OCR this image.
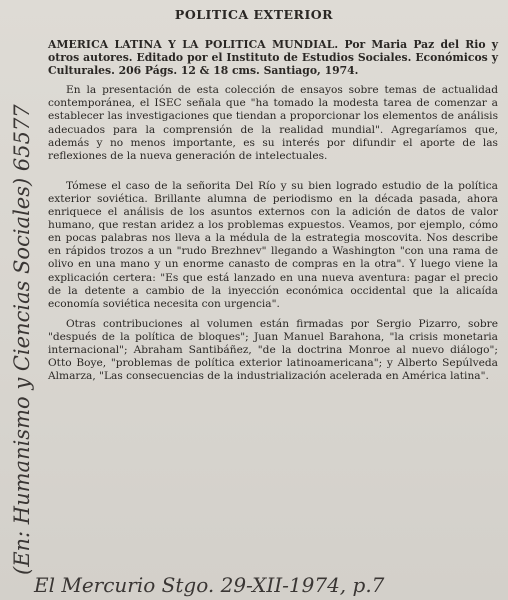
POLITICA EXTERIOR
AMERICA LATINA Y LA POLITICA MUNDIAL. Por Maria Paz del Rio y otros autores. Editado por el Instituto de Estudios Sociales. Económicos y Culturales. 206 Págs. 12 & 18 cms. Santiago, 1974.

En la presentación de esta colección de ensayos sobre temas de actualidad contemporánea, el ISEC señala que "ha tomado la modesta tarea de comenzar a establecer las investigaciones que tiendan a proporcionar los elementos de análisis adecuados para la comprensión de la realidad mundial". Agregaríamos que, además y no menos importante, es su interés por difundir el aporte de las reflexiones de la nueva generación de intelectuales.

Tómese el caso de la señorita Del Río y su bien logrado estudio de la política exterior soviética. Brillante alumna de periodismo en la década pasada, ahora enriquece el análisis de los asuntos externos con la adición de datos de valor humano, que restan aridez a los problemas expuestos. Veamos, por ejemplo, cómo en pocas palabras nos lleva a la médula de la estrategia moscovita. Nos describe en rápidos trozos a un "rudo Brezhnev" llegando a Washington "con una rama de olivo en una mano y un enorme canasto de compras en la otra". Y luego viene la explicación certera: "Es que está lanzado en una nueva aventura: pagar el precio de la detente a cambio de la inyección económica occidental que la alicaída economía soviética necesita con urgencia".

Otras contribuciones al volumen están firmadas por Sergio Pizarro, sobre "después de la política de bloques"; Juan Manuel Barahona, "la crisis monetaria internacional"; Abraham Santibáñez, "de la doctrina Monroe al nuevo diálogo"; Otto Boye, "problemas de política exterior latinoamericana"; y Alberto Sepúlveda Almarza, "Las consecuencias de la industrialización acelerada en América latina".

(En: Humanismo y Ciencias Sociales) 65577
El Mercurio Stgo. 29-XII-1974, p.7
